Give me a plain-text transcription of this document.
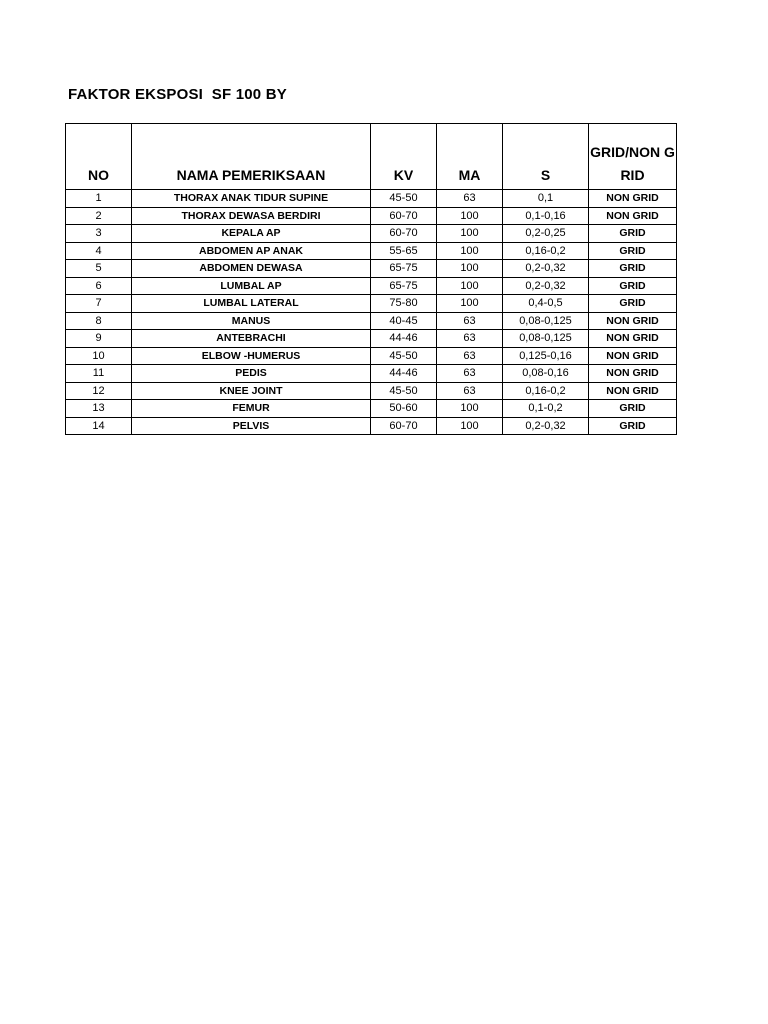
FAKTOR EKSPOSI  SF 100 BY
NO	NAMA PEMERIKSAAN	KV	MA	S	GRID/NON GRID

1	THORAX ANAK TIDUR SUPINE	45-50	63	0,1	NON GRID
2	THORAX DEWASA BERDIRI	60-70	100	0,1-0,16	NON GRID
3	KEPALA AP	60-70	100	0,2-0,25	GRID
4	ABDOMEN AP ANAK	55-65	100	0,16-0,2	GRID
5	ABDOMEN DEWASA	65-75	100	0,2-0,32	GRID
6	LUMBAL AP	65-75	100	0,2-0,32	GRID
7	LUMBAL LATERAL	75-80	100	0,4-0,5	GRID
8	MANUS	40-45	63	0,08-0,125	NON GRID
9	ANTEBRACHI	44-46	63	0,08-0,125	NON GRID
10	ELBOW -HUMERUS	45-50	63	0,125-0,16	NON GRID
11	PEDIS	44-46	63	0,08-0,16	NON GRID
12	KNEE JOINT	45-50	63	0,16-0,2	NON GRID
13	FEMUR	50-60	100	0,1-0,2	GRID
14	PELVIS	60-70	100	0,2-0,32	GRID
